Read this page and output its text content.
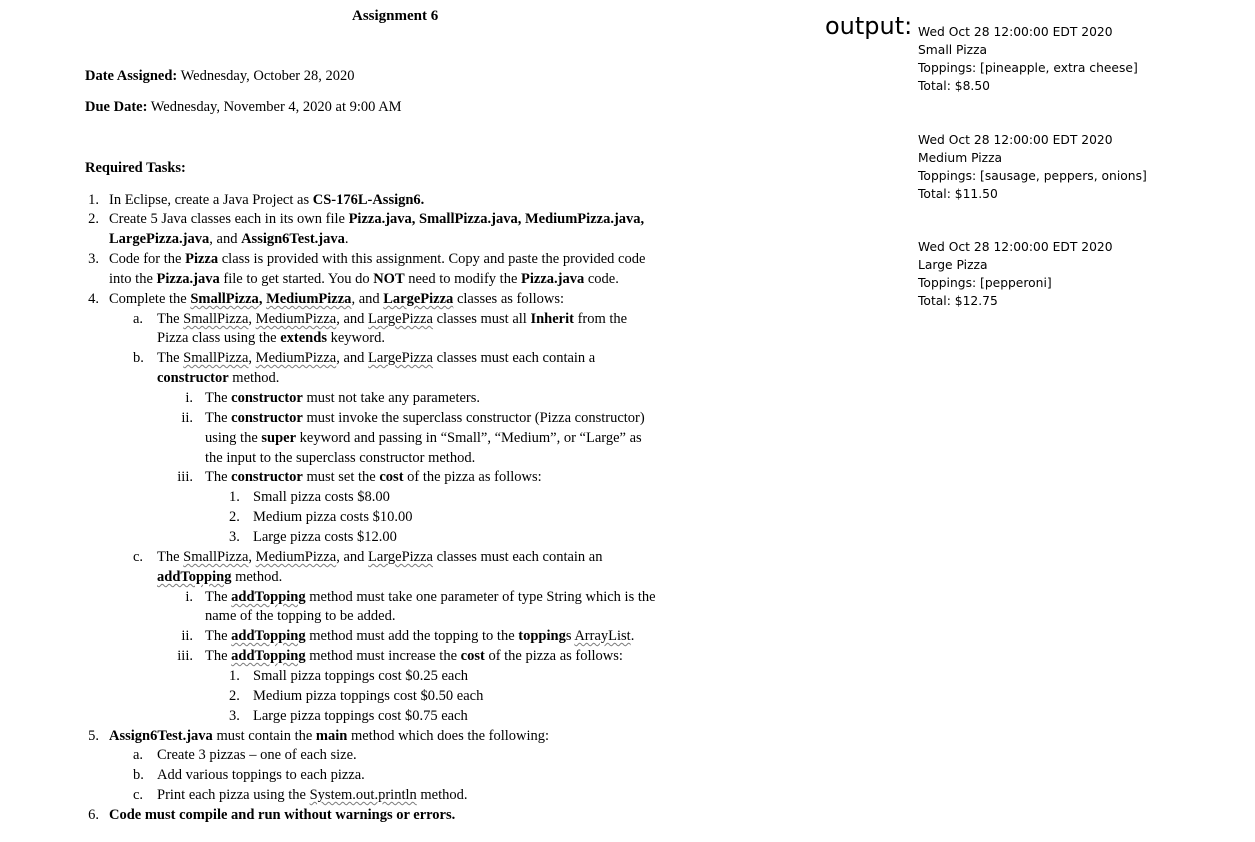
Assignment 6
Date Assigned: Wednesday, October 28, 2020
Due Date: Wednesday, November 4, 2020 at 9:00 AM
Required Tasks:
1. In Eclipse, create a Java Project as CS-176L-Assign6.
2. Create 5 Java classes each in its own file Pizza.java, SmallPizza.java, MediumPizza.java,
LargePizza.java, and Assign6Test.java.
3. Code for the Pizza class is provided with this assignment. Copy and paste the provided code
into the Pizza.java file to get started. You do NOT need to modify the Pizza.java code.
4. Complete the SmallPizza, MediumPizza, and LargePizza classes as follows:
a. The SmallPizza, MediumPizza, and LargePizza classes must all Inherit from the
Pizza class using the extends keyword.
b. The SmallPizza, MediumPizza, and LargePizza classes must each contain a
constructor method.
i. The constructor must not take any parameters.
ii. The constructor must invoke the superclass constructor (Pizza constructor)
using the super keyword and passing in “Small”, “Medium”, or “Large” as
the input to the superclass constructor method.
iii. The constructor must set the cost of the pizza as follows:
1. Small pizza costs $8.00
2. Medium pizza costs $10.00
3. Large pizza costs $12.00
c. The SmallPizza, MediumPizza, and LargePizza classes must each contain an
addTopping method.
i. The addTopping method must take one parameter of type String which is the
name of the topping to be added.
ii. The addTopping method must add the topping to the toppings ArrayList.
iii. The addTopping method must increase the cost of the pizza as follows:
1. Small pizza toppings cost $0.25 each
2. Medium pizza toppings cost $0.50 each
3. Large pizza toppings cost $0.75 each
5. Assign6Test.java must contain the main method which does the following:
a. Create 3 pizzas – one of each size.
b. Add various toppings to each pizza.
c. Print each pizza using the System.out.println method.
6. Code must compile and run without warnings or errors.
output: Wed Oct 28 12:00:00 EDT 2020
Small Pizza
Toppings: [pineapple, extra cheese]
Total: $8.50
Wed Oct 28 12:00:00 EDT 2020
Medium Pizza
Toppings: [sausage, peppers, onions]
Total: $11.50
Wed Oct 28 12:00:00 EDT 2020
Large Pizza
Toppings: [pepperoni]
Total: $12.75
